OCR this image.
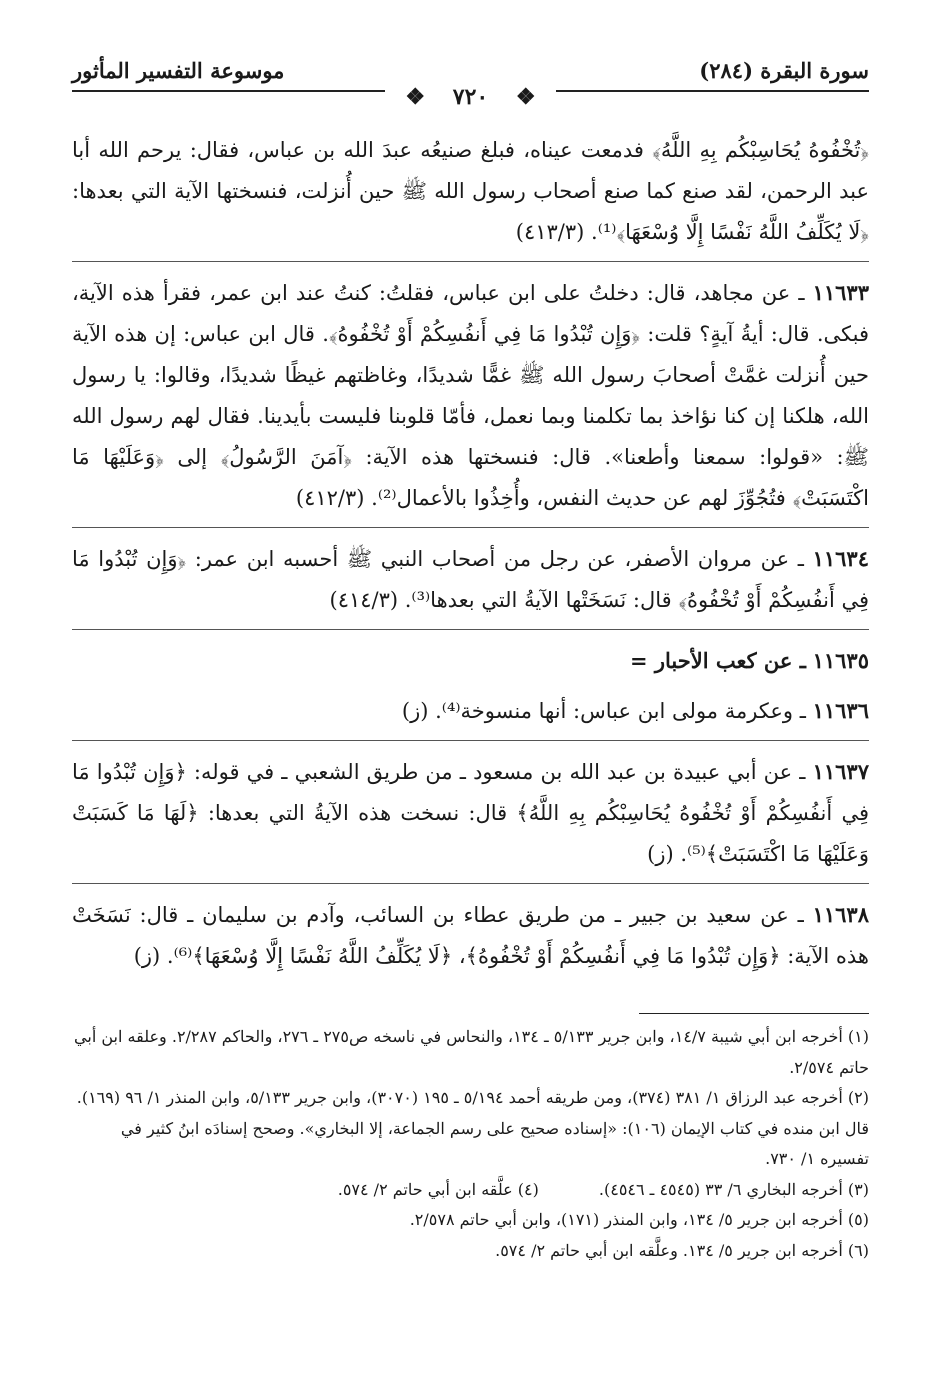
سورة البقرة (٢٨٤)
موسوعة التفسير المأثور
❖ ٧٢٠ ❖

﴿تُخْفُوهُ يُحَاسِبْكُم بِهِ اللَّهُ﴾ فدمعت عيناه، فبلغ صنيعُه عبدَ الله بن عباس، فقال: يرحم الله أبا عبد الرحمن، لقد صنع كما صنع أصحاب رسول الله ﷺ حين أُنزلت، فنسختها الآية التي بعدها: ﴿لَا يُكَلِّفُ اللَّهُ نَفْسًا إِلَّا وُسْعَهَا﴾⁽¹⁾. (٤١٣/٣)

١١٦٣٣ ـ عن مجاهد، قال: دخلتُ على ابن عباس، فقلتُ: كنتُ عند ابن عمر، فقرأ هذه الآية، فبكى. قال: أيةُ آيةٍ؟ قلت: ﴿وَإِن تُبْدُوا مَا فِي أَنفُسِكُمْ أَوْ تُخْفُوهُ﴾. قال ابن عباس: إن هذه الآية حين أُنزلت غمَّتْ أصحابَ رسول الله ﷺ غمًّا شديدًا، وغاظتهم غيظًا شديدًا، وقالوا: يا رسول الله، هلكنا إن كنا نؤاخذ بما تكلمنا وبما نعمل، فأمّا قلوبنا فليست بأيدينا. فقال لهم رسول الله ﷺ: «قولوا: سمعنا وأطعنا». قال: فنسختها هذه الآية: ﴿آمَنَ الرَّسُولُ﴾ إلى ﴿وَعَلَيْهَا مَا اكْتَسَبَتْ﴾ فتُجُوِّزَ لهم عن حديث النفس، وأُخِذُوا بالأعمال⁽²⁾. (٤١٢/٣)

١١٦٣٤ ـ عن مروان الأصفر، عن رجل من أصحاب النبي ﷺ أحسبه ابن عمر: ﴿وَإِن تُبْدُوا مَا فِي أَنفُسِكُمْ أَوْ تُخْفُوهُ﴾ قال: نَسَخَتْها الآيةُ التي بعدها⁽³⁾. (٤١٤/٣)

١١٦٣٥ ـ عن كعب الأحبار =

١١٦٣٦ ـ وعكرمة مولى ابن عباس: أنها منسوخة⁽⁴⁾. (ز)

١١٦٣٧ ـ عن أبي عبيدة بن عبد الله بن مسعود ـ من طريق الشعبي ـ في قوله: ﴿وَإِن تُبْدُوا مَا فِي أَنفُسِكُمْ أَوْ تُخْفُوهُ يُحَاسِبْكُم بِهِ اللَّهُ﴾ قال: نسخت هذه الآيةُ التي بعدها: ﴿لَهَا مَا كَسَبَتْ وَعَلَيْهَا مَا اكْتَسَبَتْ﴾⁽⁵⁾. (ز)

١١٦٣٨ ـ عن سعيد بن جبير ـ من طريق عطاء بن السائب، وآدم بن سليمان ـ قال: نَسَخَتْ هذه الآية: ﴿وَإِن تُبْدُوا مَا فِي أَنفُسِكُمْ أَوْ تُخْفُوهُ﴾، ﴿لَا يُكَلِّفُ اللَّهُ نَفْسًا إِلَّا وُسْعَهَا﴾⁽⁶⁾. (ز)

(١) أخرجه ابن أبي شيبة ١٤/٧، وابن جرير ٥/١٣٣ ـ ١٣٤، والنحاس في ناسخه ص٢٧٥ ـ ٢٧٦، والحاكم ٢/٢٨٧. وعلقه ابن أبي حاتم ٢/٥٧٤.

(٢) أخرجه عبد الرزاق ١/ ٣٨١ (٣٧٤)، ومن طريقه أحمد ٥/١٩٤ ـ ١٩٥ (٣٠٧٠)، وابن جرير ٥/١٣٣، وابن المنذر ١/ ٩٦ (١٦٩).

قال ابن منده في كتاب الإيمان (١٠٦): «إسناده صحيح على رسم الجماعة، إلا البخاري». وصحح إسنادَه ابنُ كثير في تفسيره ١/ ٧٣٠.

(٣) أخرجه البخاري ٦/ ٣٣ (٤٥٤٥ ـ ٤٥٤٦).

(٤) علَّقه ابن أبي حاتم ٢/ ٥٧٤.

(٥) أخرجه ابن جرير ٥/ ١٣٤، وابن المنذر (١٧١)، وابن أبي حاتم ٢/٥٧٨.

(٦) أخرجه ابن جرير ٥/ ١٣٤. وعلَّقه ابن أبي حاتم ٢/ ٥٧٤.
